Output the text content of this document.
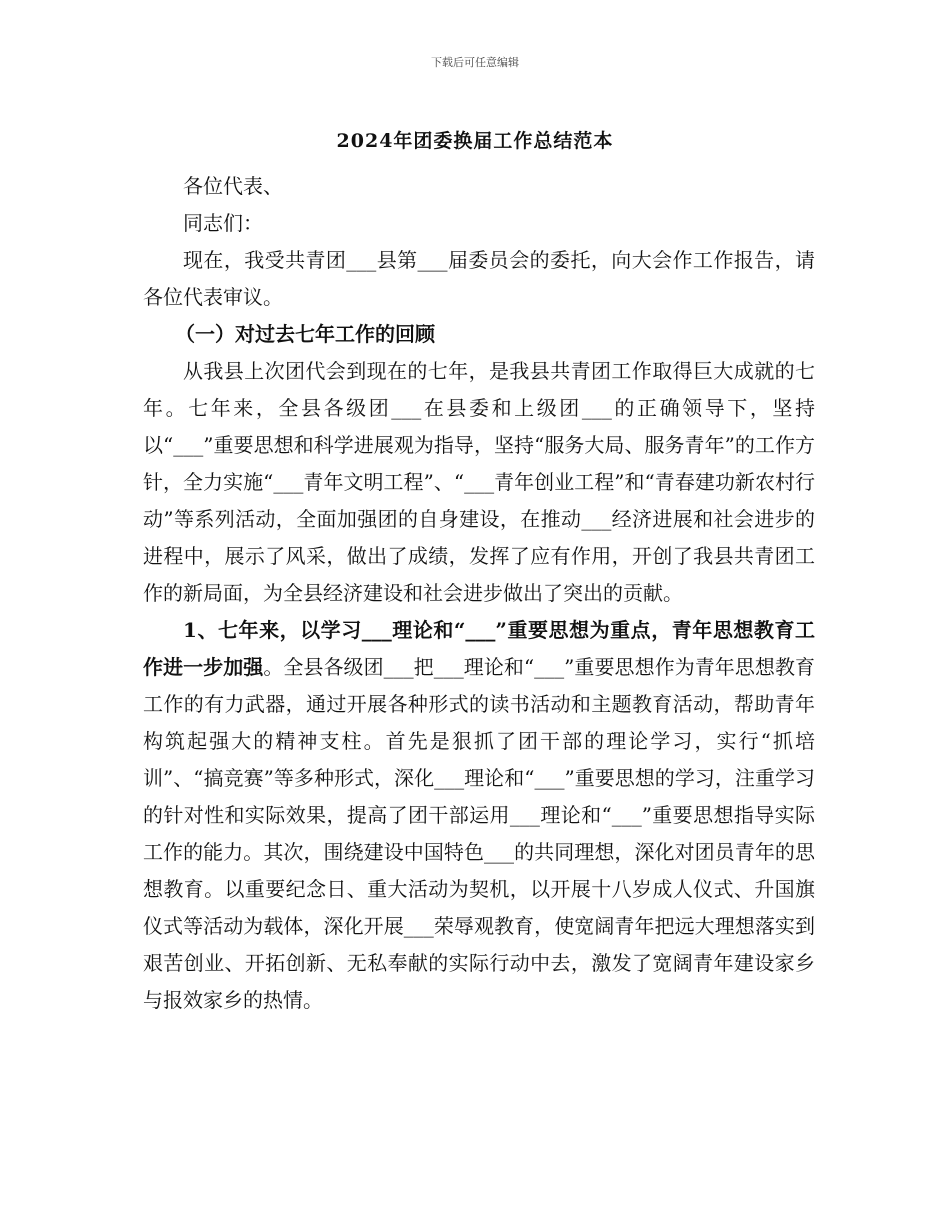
下载后可任意编辑
2024年团委换届工作总结范本

各位代表、

同志们：

现在，我受共青团___县第___届委员会的委托，向大会作工作报告，请各位代表审议。

（一）对过去七年工作的回顾

从我县上次团代会到现在的七年，是我县共青团工作取得巨大成就的七年。七年来，全县各级团___在县委和上级团___的正确领导下，坚持以“___”重要思想和科学进展观为指导，坚持“服务大局、服务青年”的工作方针，全力实施“___青年文明工程”、“___青年创业工程”和“青春建功新农村行动”等系列活动，全面加强团的自身建设，在推动___经济进展和社会进步的进程中，展示了风采，做出了成绩，发挥了应有作用，开创了我县共青团工作的新局面，为全县经济建设和社会进步做出了突出的贡献。

1、七年来，以学习___理论和“___”重要思想为重点，青年思想教育工作进一步加强。全县各级团___把___理论和“___”重要思想作为青年思想教育工作的有力武器，通过开展各种形式的读书活动和主题教育活动，帮助青年构筑起强大的精神支柱。首先是狠抓了团干部的理论学习，实行“抓培训”、“搞竞赛”等多种形式，深化___理论和“___”重要思想的学习，注重学习的针对性和实际效果，提高了团干部运用___理论和“___”重要思想指导实际工作的能力。其次，围绕建设中国特色___的共同理想，深化对团员青年的思想教育。以重要纪念日、重大活动为契机，以开展十八岁成人仪式、升国旗仪式等活动为载体，深化开展___荣辱观教育，使宽阔青年把远大理想落实到艰苦创业、开拓创新、无私奉献的实际行动中去，激发了宽阔青年建设家乡与报效家乡的热情。
